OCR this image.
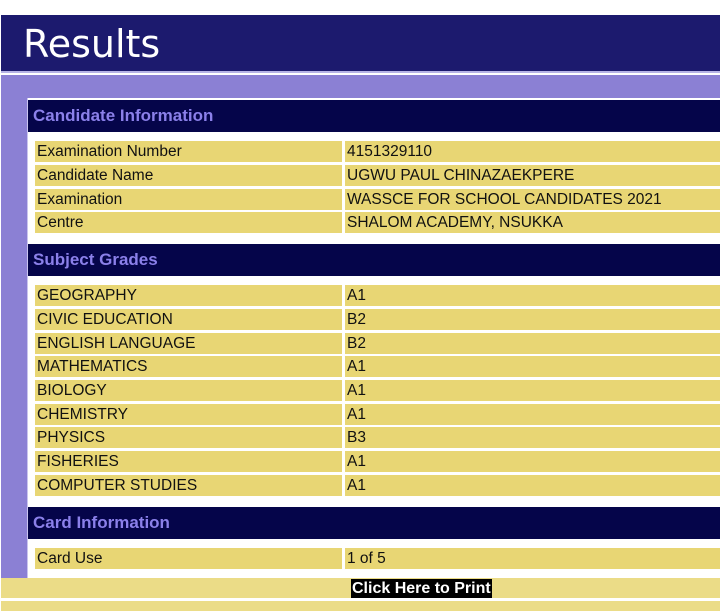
Results
Candidate Information
Examination Number	4151329110
Candidate Name	UGWU PAUL CHINAZAEKPERE
Examination	WASSCE FOR SCHOOL CANDIDATES 2021
Centre	SHALOM ACADEMY, NSUKKA
Subject Grades
GEOGRAPHY	A1
CIVIC EDUCATION	B2
ENGLISH LANGUAGE	B2
MATHEMATICS	A1
BIOLOGY	A1
CHEMISTRY	A1
PHYSICS	B3
FISHERIES	A1
COMPUTER STUDIES	A1
Card Information
Card Use	1 of 5
Click Here to Print
